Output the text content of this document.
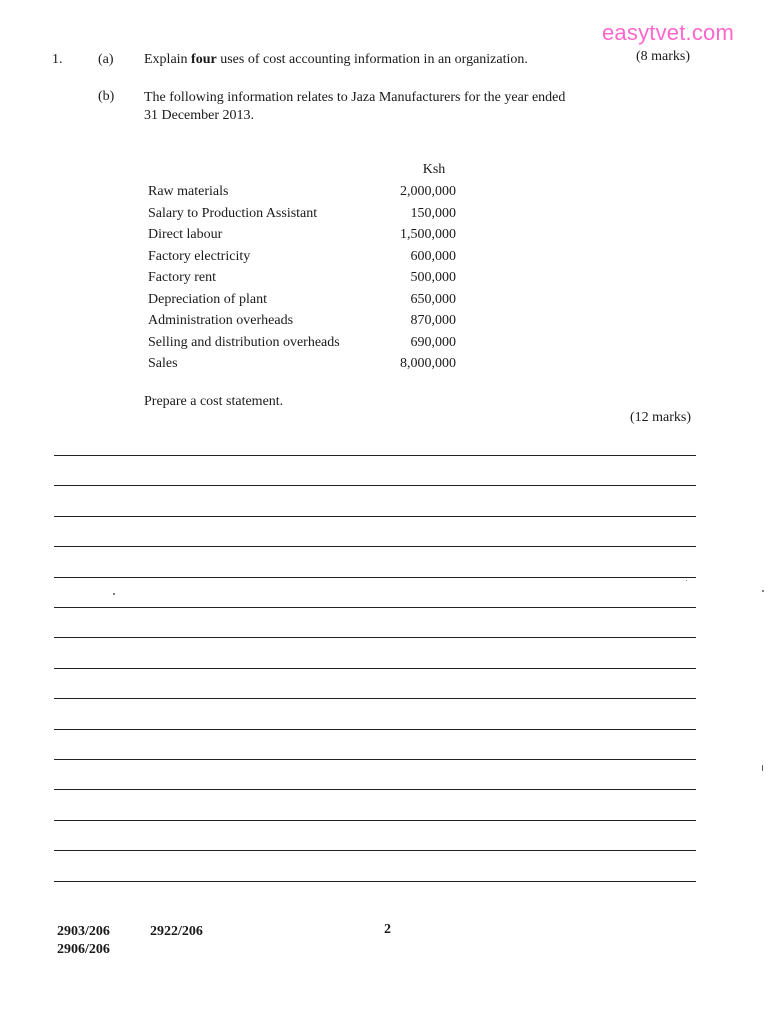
easytvet.com
1.	(a) Explain four uses of cost accounting information in an organization.	(8 marks)
(b) The following information relates to Jaza Manufacturers for the year ended
31 December 2013.
Ksh
Raw materials	2,000,000
Salary to Production Assistant	150,000
Direct labour	1,500,000
Factory electricity	600,000
Factory rent	500,000
Depreciation of plant	650,000
Administration overheads	870,000
Selling and distribution overheads	690,000
Sales	8,000,000
Prepare a cost statement.
(12 marks)
2903/206
2906/206
2922/206	2
